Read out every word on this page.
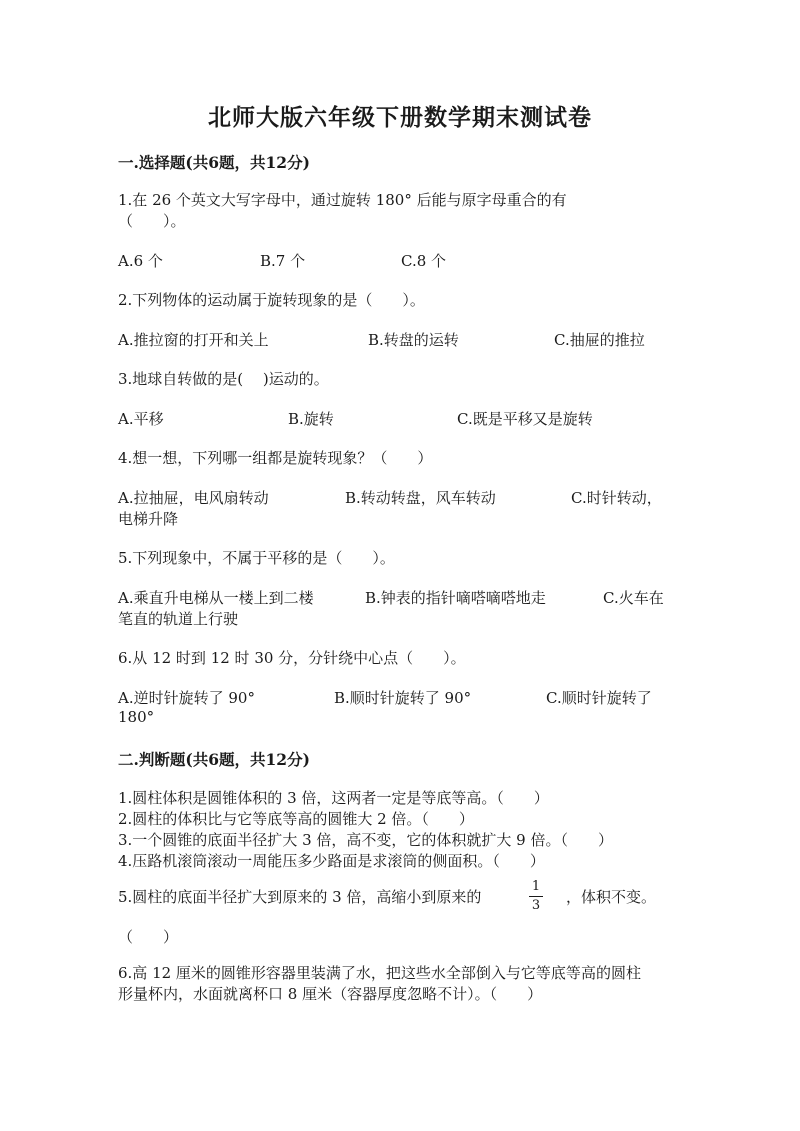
北师大版六年级下册数学期末测试卷
一.选择题(共6题，共12分)
1.在 26 个英文大写字母中，通过旋转 180° 后能与原字母重合的有
（　　）。
A.6 个	B.7 个	C.8 个
2.下列物体的运动属于旋转现象的是（　　）。
A.推拉窗的打开和关上	B.转盘的运转	C.抽屉的推拉
3.地球自转做的是(　 )运动的。
A.平移	B.旋转	C.既是平移又是旋转
4.想一想，下列哪一组都是旋转现象？（　　）
A.拉抽屉，电风扇转动	B.转动转盘，风车转动	C.时针转动，
电梯升降
5.下列现象中，不属于平移的是（　　）。
A.乘直升电梯从一楼上到二楼	B.钟表的指针嘀嗒嘀嗒地走	C.火车在
笔直的轨道上行驶
6.从 12 时到 12 时 30 分，分针绕中心点（　　）。
A.逆时针旋转了 90°	B.顺时针旋转了 90°	C.顺时针旋转了
180°
二.判断题(共6题，共12分)
1.圆柱体积是圆锥体积的 3 倍，这两者一定是等底等高。（　　）
2.圆柱的体积比与它等底等高的圆锥大 2 倍。（　　）
3.一个圆锥的底面半径扩大 3 倍，高不变，它的体积就扩大 9 倍。（　　）
4.压路机滚筒滚动一周能压多少路面是求滚筒的侧面积。（　　）
5.圆柱的底面半径扩大到原来的 3 倍，高缩小到原来的
1
3	，体积不变。
（　　）
6.高 12 厘米的圆锥形容器里装满了水，把这些水全部倒入与它等底等高的圆柱
形量杯内，水面就离杯口 8 厘米（容器厚度忽略不计）。（　　）
